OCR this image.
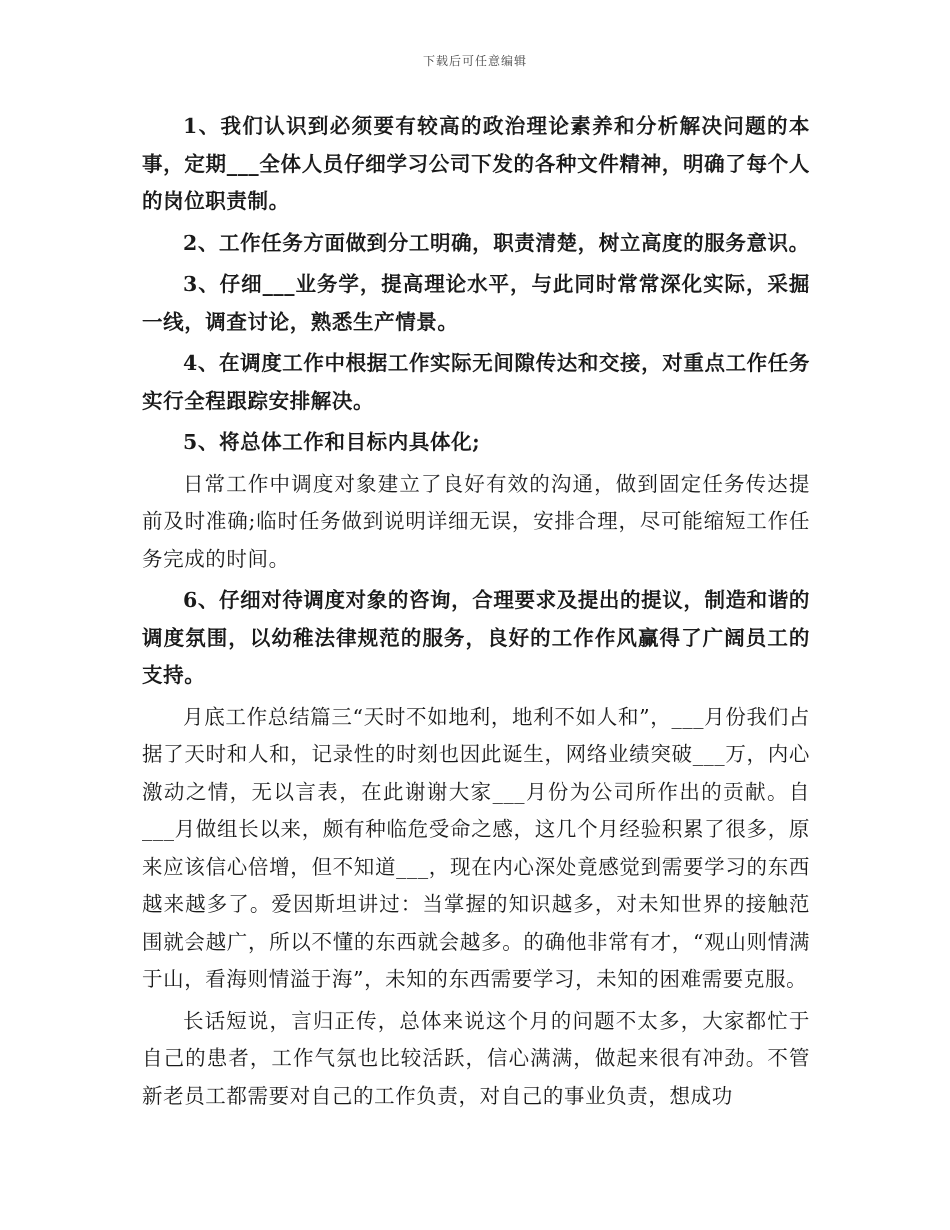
下载后可任意编辑

1、我们认识到必须要有较高的政治理论素养和分析解决问题的本事，定期___全体人员仔细学习公司下发的各种文件精神，明确了每个人的岗位职责制。

2、工作任务方面做到分工明确，职责清楚，树立高度的服务意识。

3、仔细___业务学，提高理论水平，与此同时常常深化实际，采掘一线，调查讨论，熟悉生产情景。

4、在调度工作中根据工作实际无间隙传达和交接，对重点工作任务实行全程跟踪安排解决。

5、将总体工作和目标内具体化;

日常工作中调度对象建立了良好有效的沟通，做到固定任务传达提前及时准确;临时任务做到说明详细无误，安排合理，尽可能缩短工作任务完成的时间。

6、仔细对待调度对象的咨询，合理要求及提出的提议，制造和谐的调度氛围，以幼稚法律规范的服务，良好的工作作风赢得了广阔员工的支持。

月底工作总结篇三“天时不如地利，地利不如人和”，___月份我们占据了天时和人和，记录性的时刻也因此诞生，网络业绩突破___万，内心激动之情，无以言表，在此谢谢大家___月份为公司所作出的贡献。自___月做组长以来，颇有种临危受命之感，这几个月经验积累了很多，原来应该信心倍增，但不知道___，现在内心深处竟感觉到需要学习的东西越来越多了。爱因斯坦讲过：当掌握的知识越多，对未知世界的接触范围就会越广，所以不懂的东西就会越多。的确他非常有才，“观山则情满于山，看海则情溢于海”，未知的东西需要学习，未知的困难需要克服。

长话短说，言归正传，总体来说这个月的问题不太多，大家都忙于自己的患者，工作气氛也比较活跃，信心满满，做起来很有冲劲。不管新老员工都需要对自己的工作负责，对自己的事业负责，想成功
